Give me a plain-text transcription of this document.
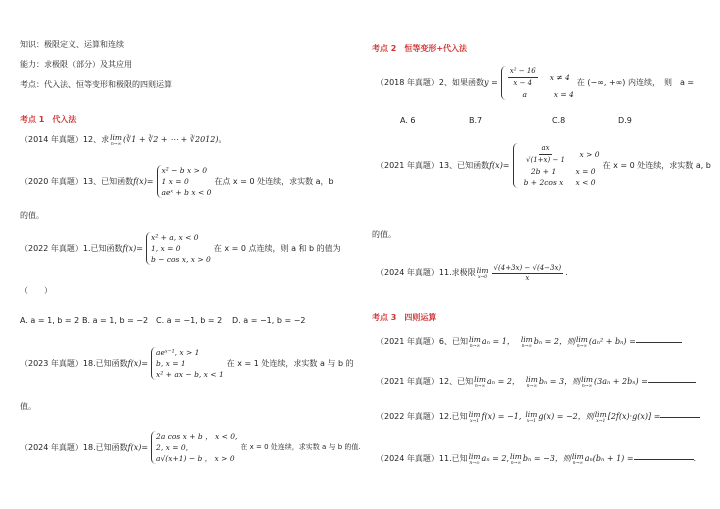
知识：极限定义、运算和连续
能力：求极限（部分）及其应用
考点：代入法、恒等变形和极限的四则运算
考点 1　代入法
（2014 年真题）12、求 lim
n→∞
(∛1 + ∛2 + ⋯ + ∛2012) 。
（2020 年真题）13、已知函数 f(x)=
x² − b x > 0
1 x = 0
aeˣ + b x < 0
在点 x = 0 处连续，求实数 a，b
的值。
（2022 年真题）1.已知函数 f(x)=
x² + a, x < 0
1, x = 0
b − cos x, x > 0
在 x = 0 点连续，则 a 和 b 的值为
（　　）
A. a = 1, b = 2 B. a = 1, b = −2 C. a = −1, b = 2 D. a = −1, b = −2
（2023 年真题）18.已知函数 f(x)=
aeˣ⁻¹, x > 1
b, x = 1
x² + ax − b, x < 1
在 x = 1 处连续，求实数 a 与 b 的
值。
（2024 年真题）18.已知函数 f(x)=
2a cos x + b ， x < 0,
2, x = 0,
a√(x+1) − b ， x > 0
在 x = 0 处连续，求实数 a 与 b 的值.
考点 2　恒等变形+代入法
（2018 年真题）2、如果函数 $y = \frac{\text{x² − 16}}{x - 4}$ x ≠ 4
a	x = 4
在 (−∞, +∞) 内连续，　则　a =
A. 6	B.7	C.8	D.9
（2021 年真题）13、已知函数 $f(x)= \frac{ax}{√(1+x) - 1}$ x > 0
2b + 1	x = 0
b + 2cos x	x < 0
在 x = 0 处连续，求实数 a, b
的值。
（2024 年真题）11.求极限 lim
$x\to 0 \frac{√(4+3x) - √(4-3x)}{x}$ .
考点 3　四则运算
（2021 年真题）6、已知 lim
n→∞
aₙ = 1， lim
n→∞
bₙ = 2，则 lim
n→∞
(aₙ² + bₙ) =
（2021 年真题）12、已知 lim
n→∞
aₙ = 2， lim
n→∞
bₙ = 3，则 lim
n→∞
(3aₙ + 2bₙ) =
（2022 年真题）12.已知 lim
x→1
f(x) = −1, lim
x→1
g(x) = −2，则 lim
x→1
[2f(x)·g(x)] =
（2024 年真题）11.已知 lim
n→∞
aₙ = 2, lim
n→∞
bₙ = −3，则 lim
n→∞
aₙ(bₙ + 1) =	.
